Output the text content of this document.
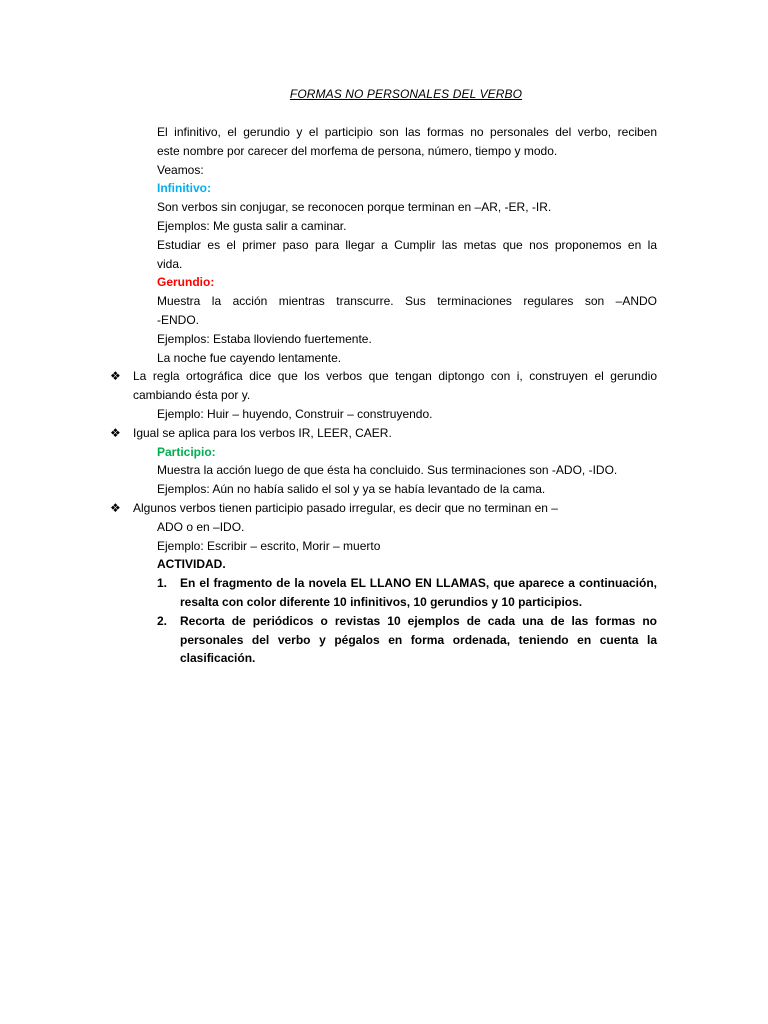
FORMAS NO PERSONALES DEL VERBO
El infinitivo, el gerundio y el participio son las formas no personales del verbo, reciben
este nombre por carecer del morfema de persona, número, tiempo y modo.
Veamos:
Infinitivo:
Son verbos sin conjugar, se reconocen porque terminan en –AR, -ER, -IR.
Ejemplos: Me gusta salir a caminar.
Estudiar es el primer paso para llegar a Cumplir las metas que nos proponemos en la
vida.
Gerundio:
Muestra la acción mientras transcurre. Sus terminaciones regulares son –ANDO
-ENDO.
Ejemplos: Estaba lloviendo fuertemente.
La noche fue cayendo lentamente.
❖ La regla ortográfica dice que los verbos que tengan diptongo con i, construyen el gerundio
cambiando ésta por y.
Ejemplo: Huir – huyendo, Construir – construyendo.
❖ Igual se aplica para los verbos IR, LEER, CAER.
Participio:
Muestra la acción luego de que ésta ha concluido. Sus terminaciones son -ADO, -IDO.
Ejemplos: Aún no había salido el sol y ya se había levantado de la cama.
❖ Algunos verbos tienen participio pasado irregular, es decir que no terminan en –
ADO o en –IDO.
Ejemplo: Escribir – escrito, Morir – muerto
ACTIVIDAD.
1. En el fragmento de la novela EL LLANO EN LLAMAS, que aparece a continuación,
resalta con color diferente 10 infinitivos, 10 gerundios y 10 participios.
2. Recorta de periódicos o revistas 10 ejemplos de cada una de las formas no
personales del verbo y pégalos en forma ordenada, teniendo en cuenta la
clasificación.
